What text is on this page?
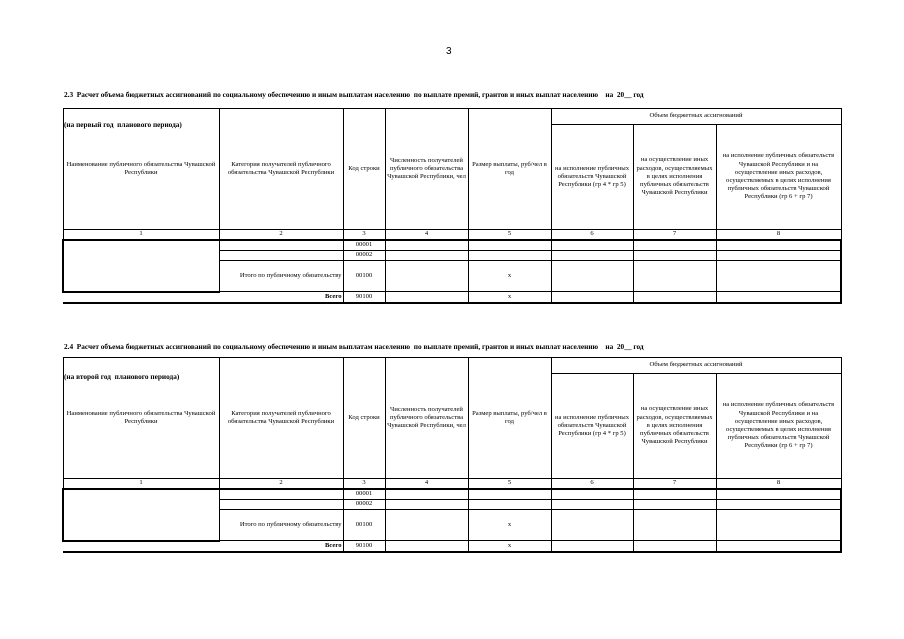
3

2.3  Расчет объема бюджетных ассигнований по социальному обеспечению и иным выплатам населению  по выплате премий, грантов и иных выплат населению    на  20__ год

(на первый год  планового периода)

Наименование публичного обязательства Чувашской Республики	Категория получателей публичного обязательства Чувашской Республики	Код строки	Численность получателей публичного обязательства Чувашской Республики, чел	Размер выплаты, руб/чел в год	Объем бюджетных ассигнований		
					на исполнение публичных обязательств Чувашской Республики (гр 4 * гр 5)	на осуществление иных расходов, осуществляемых в целях исполнения публичных обязательств Чувашской Республики	на исполнение публичных обязательств Чувашской Республики и на осуществление иных расходов, осуществляемых в целях исполнения публичных обязательств Чувашской Республики (гр 6 + гр 7)
1	2	3	4	5	6	7	8
		00001					
		00002					
	Итого по публичному обязательству	00100		х			
Всего		90100		х			

2.4  Расчет объема бюджетных ассигнований по социальному обеспечению и иным выплатам населению  по выплате премий, грантов и иных выплат населению    на  20__ год

(на второй год  планового периода)

Наименование публичного обязательства Чувашской Республики	Категория получателей публичного обязательства Чувашской Республики	Код строки	Численность получателей публичного обязательства Чувашской Республики, чел	Размер выплаты, руб/чел в год	Объем бюджетных ассигнований		
					на исполнение публичных обязательств Чувашской Республики (гр 4 * гр 5)	на осуществление иных расходов, осуществляемых в целях исполнения публичных обязательств Чувашской Республики	на исполнение публичных обязательств Чувашской Республики и на осуществление иных расходов, осуществляемых в целях исполнения публичных обязательств Чувашской Республики (гр 6 + гр 7)
1	2	3	4	5	6	7	8
		00001					
		00002					
	Итого по публичному обязательству	00100		х			
Всего		90100		х			
